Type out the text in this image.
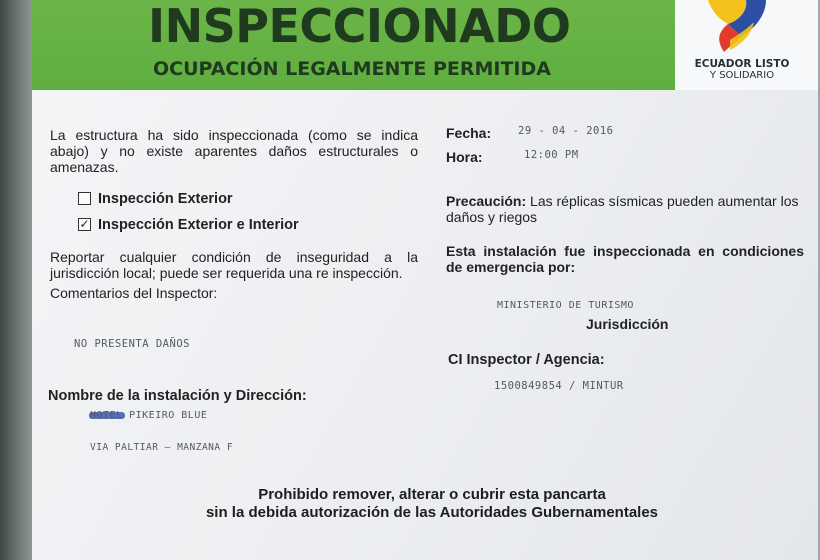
INSPECCIONADO
OCUPACIÓN LEGALMENTE PERMITIDA	ECUADOR LISTO
Y SOLIDARIO
La estructura ha sido inspeccionada (como se indica abajo) y no existe aparentes daños estructurales o amenazas.
Inspección Exterior
✓ Inspección Exterior e Interior
Reportar cualquier condición de inseguridad a la jurisdicción local; puede ser requerida una re inspección.
Comentarios del Inspector:
NO PRESENTA DAÑOS
Nombre de la instalación y Dirección:
HOTEL PIKEIRO BLUE
VIA PALTIAR – MANZANA F
Fecha:	29 - 04 - 2016
Hora:	12:00 PM
Precaución: Las réplicas sísmicas pueden aumentar los daños y riegos
Esta instalación fue inspeccionada en condiciones de emergencia por:
MINISTERIO DE TURISMO
Jurisdicción
CI Inspector / Agencia:
1500849854 / MINTUR
Prohibido remover, alterar o cubrir esta pancarta
sin la debida autorización de las Autoridades Gubernamentales
